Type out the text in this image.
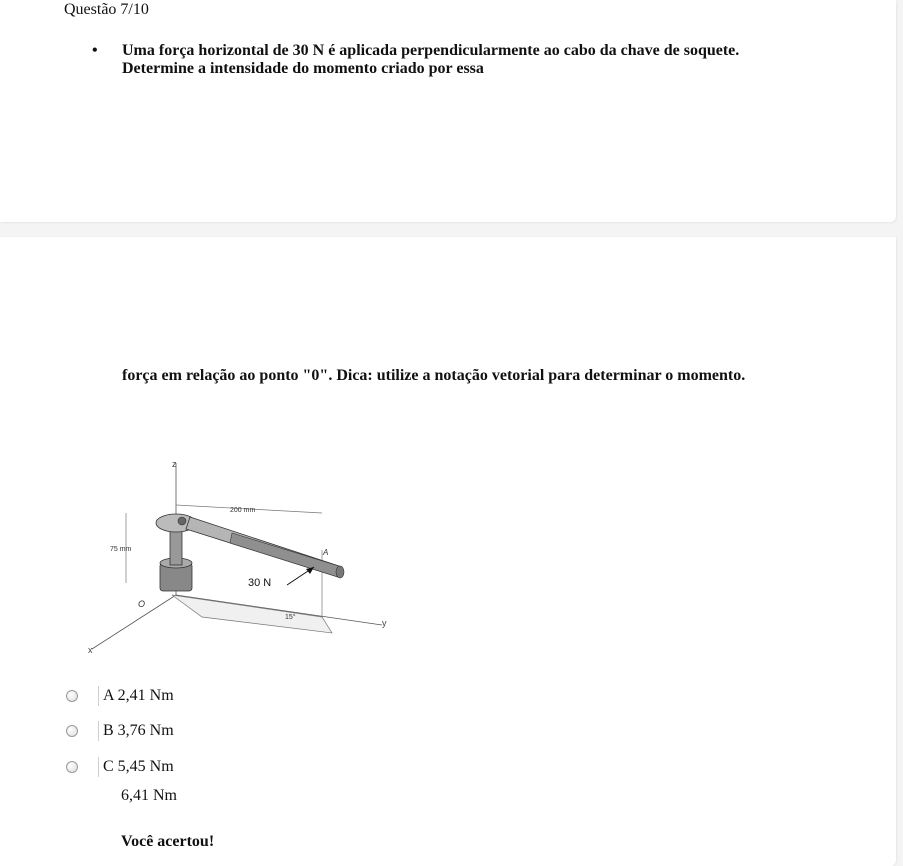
Questão 7/10
• Uma força horizontal de 30 N é aplicada perpendicularmente ao cabo da chave de soquete. Determine a intensidade do momento criado por essa
força em relação ao ponto "0". Dica: utilize a notação vetorial para determinar o momento.
z
y
x
200 mm
75 mm
30 N
A
O
15°
A 2,41 Nm
B 3,76 Nm
C 5,45 Nm
6,41 Nm
Você acertou!
